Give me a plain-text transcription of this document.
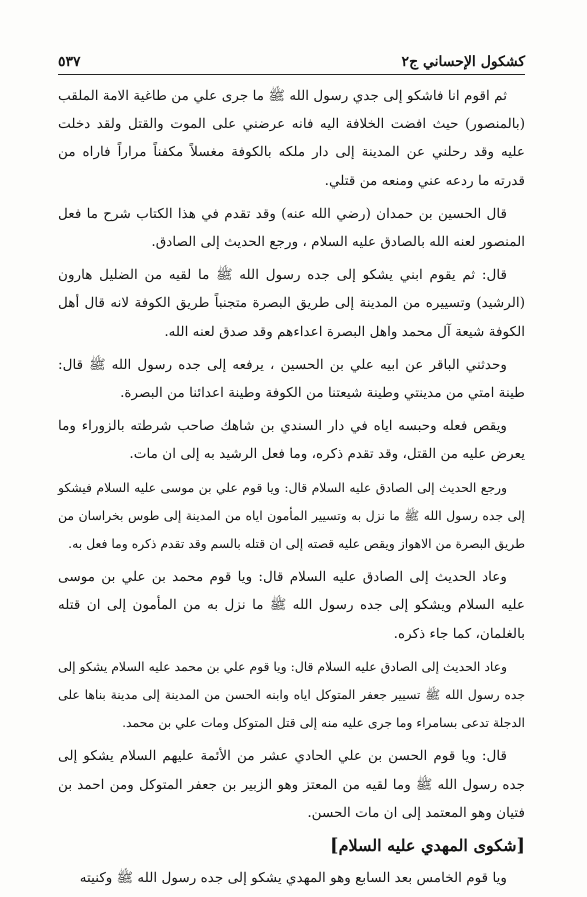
كشكول الإحساني ج٢
٥٣٧

ثم اقوم انا فاشكو إلى جدي رسول الله ﷺ ما جرى علي من طاغية الامة الملقب (بالمنصور) حيث افضت الخلافة اليه فانه عرضني على الموت والقتل ولقد دخلت عليه وقد رحلني عن المدينة إلى دار ملكه بالكوفة مغسلاً مكفناً مراراً فاراه من قدرته ما ردعه عني ومنعه من قتلي.

قال الحسين بن حمدان (رضي الله عنه) وقد تقدم في هذا الكتاب شرح ما فعل المنصور لعنه الله بالصادق عليه السلام ، ورجع الحديث إلى الصادق.

قال: ثم يقوم ابني يشكو إلى جده رسول الله ﷺ ما لقيه من الضليل هارون (الرشيد) وتسييره من المدينة إلى طريق البصرة متجنباً طريق الكوفة لانه قال أهل الكوفة شيعة آل محمد واهل البصرة اعداءهم وقد صدق لعنه الله.

وحدثني الباقر عن ابيه علي بن الحسين ، يرفعه إلى جده رسول الله ﷺ قال: طينة امتي من مدينتي وطينة شيعتنا من الكوفة وطينة اعدائنا من البصرة.

ويقص فعله وحبسه اياه في دار السندي بن شاهك صاحب شرطته بالزوراء وما يعرض عليه من القتل، وقد تقدم ذكره، وما فعل الرشيد به إلى ان مات.

ورجع الحديث إلى الصادق عليه السلام قال: ويا قوم علي بن موسى عليه السلام فيشكو إلى جده رسول الله ﷺ ما نزل به وتسيير المأمون اياه من المدينة إلى طوس بخراسان من طريق البصرة من الاهواز ويقص عليه قصته إلى ان قتله بالسم وقد تقدم ذكره وما فعل به.

وعاد الحديث إلى الصادق عليه السلام قال: ويا قوم محمد بن علي بن موسى عليه السلام ويشكو إلى جده رسول الله ﷺ ما نزل به من المأمون إلى ان قتله بالغلمان، كما جاء ذكره.

وعاد الحديث إلى الصادق عليه السلام قال: ويا قوم علي بن محمد عليه السلام يشكو إلى جده رسول الله ﷺ تسيير جعفر المتوكل اياه وابنه الحسن من المدينة إلى مدينة بناها على الدجلة تدعى بسامراء وما جرى عليه منه إلى قتل المتوكل ومات علي بن محمد.

قال: ويا قوم الحسن بن علي الحادي عشر من الأئمة عليهم السلام يشكو إلى جده رسول الله ﷺ وما لقيه من المعتز وهو الزبير بن جعفر المتوكل ومن احمد بن فتيان وهو المعتمد إلى ان مات الحسن.

[شكوى المهدي عليه السلام]

ويا قوم الخامس بعد السابع وهو المهدي يشكو إلى جده رسول الله ﷺ وكنيته
